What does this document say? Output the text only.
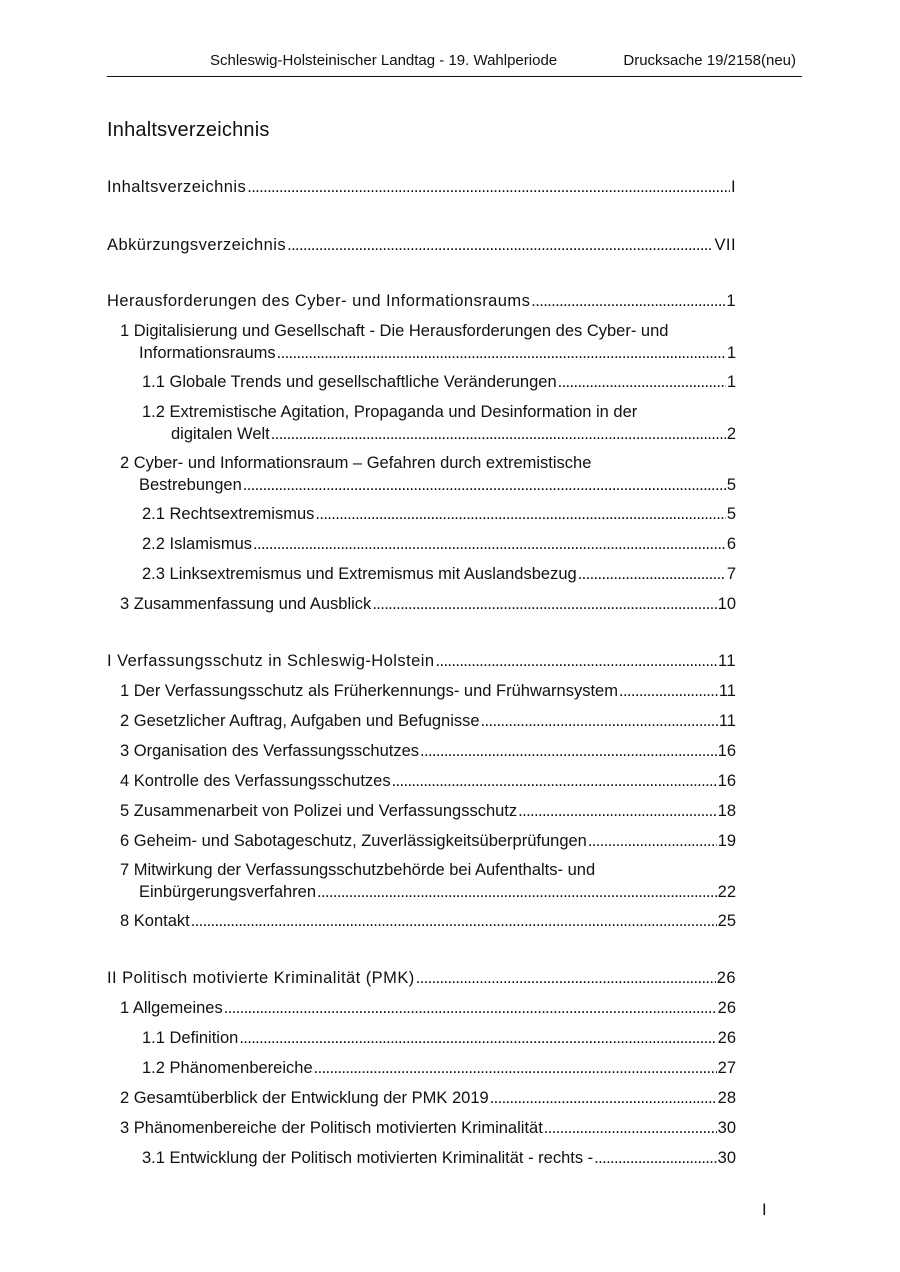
Schleswig-Holsteinischer Landtag - 19. Wahlperiode	Drucksache 19/2158(neu)
Inhaltsverzeichnis
Inhaltsverzeichnis . . .	I
Abkürzungsverzeichnis . . .	VII
Herausforderungen des Cyber- und Informationsraums . . .	1
1 Digitalisierung und Gesellschaft - Die Herausforderungen des Cyber- und
Informationsraums . . .	1
1.1 Globale Trends und gesellschaftliche Veränderungen . . .	1
1.2 Extremistische Agitation, Propaganda und Desinformation in der
digitalen Welt . . .	2
2 Cyber- und Informationsraum – Gefahren durch extremistische
Bestrebungen . . .	5
2.1 Rechtsextremismus . . .	5
2.2 Islamismus . . .	6
2.3 Linksextremismus und Extremismus mit Auslandsbezug . . .	7
3 Zusammenfassung und Ausblick . . .	10
I Verfassungsschutz in Schleswig-Holstein . . .	11
1 Der Verfassungsschutz als Früherkennungs- und Frühwarnsystem . . .	11
2 Gesetzlicher Auftrag, Aufgaben und Befugnisse . . .	11
3 Organisation des Verfassungsschutzes . . .	16
4 Kontrolle des Verfassungsschutzes . . .	16
5 Zusammenarbeit von Polizei und Verfassungsschutz . . .	18
6 Geheim- und Sabotageschutz, Zuverlässigkeitsüberprüfungen . . .	19
7 Mitwirkung der Verfassungsschutzbehörde bei Aufenthalts- und
Einbürgerungsverfahren . . .	22
8 Kontakt . . .	25
II Politisch motivierte Kriminalität (PMK) . . .	26
1 Allgemeines . . .	26
1.1 Definition . . .	26
1.2 Phänomenbereiche . . .	27
2 Gesamtüberblick der Entwicklung der PMK 2019 . . .	28
3 Phänomenbereiche der Politisch motivierten Kriminalität . . .	30
3.1 Entwicklung der Politisch motivierten Kriminalität - rechts - . . .	30
I
